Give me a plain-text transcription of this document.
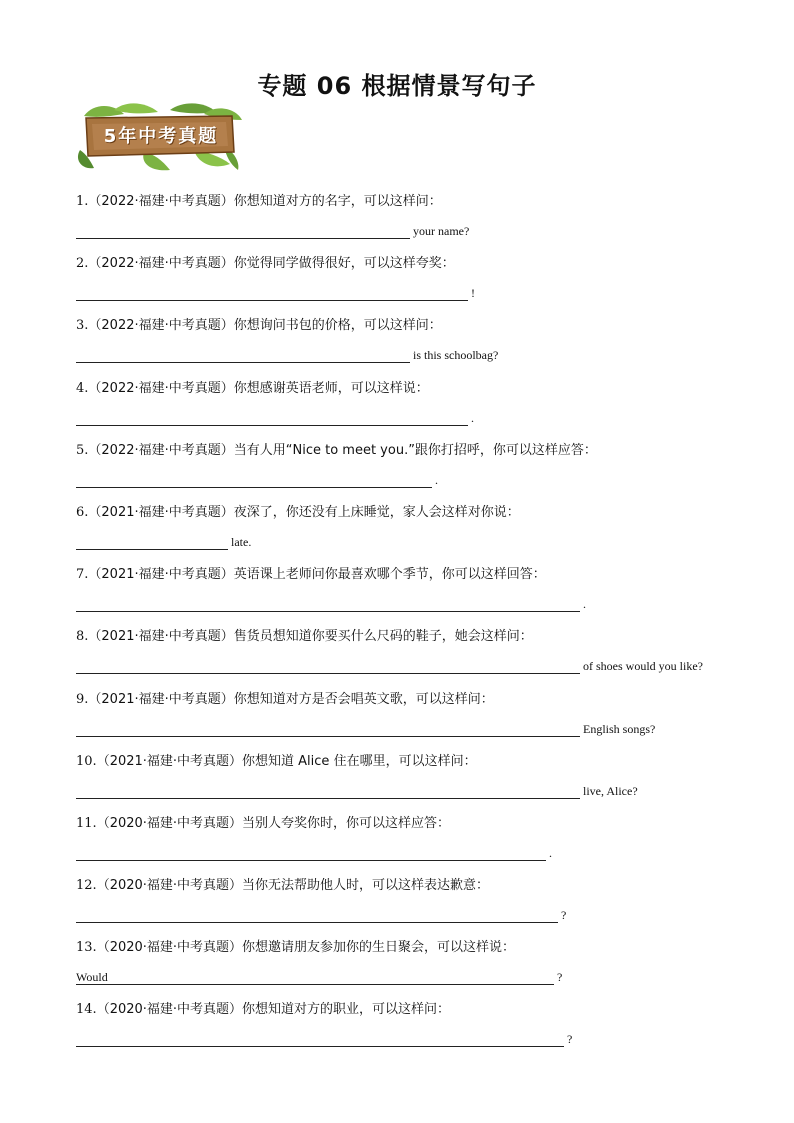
专题 06 根据情景写句子
5年中考真题
1.（2022·福建·中考真题）你想知道对方的名字，可以这样问：
your name?
2.（2022·福建·中考真题）你觉得同学做得很好，可以这样夸奖：
!
3.（2022·福建·中考真题）你想询问书包的价格，可以这样问：
is this schoolbag?
4.（2022·福建·中考真题）你想感谢英语老师，可以这样说：
.
5.（2022·福建·中考真题）当有人用“Nice to meet you.”跟你打招呼，你可以这样应答：
.
6.（2021·福建·中考真题）夜深了，你还没有上床睡觉，家人会这样对你说：
late.
7.（2021·福建·中考真题）英语课上老师问你最喜欢哪个季节，你可以这样回答：
.
8.（2021·福建·中考真题）售货员想知道你要买什么尺码的鞋子，她会这样问：
of shoes would you like?
9.（2021·福建·中考真题）你想知道对方是否会唱英文歌，可以这样问：
English songs?
10.（2021·福建·中考真题）你想知道 Alice 住在哪里，可以这样问：
live, Alice?
11.（2020·福建·中考真题）当别人夸奖你时，你可以这样应答：
.
12.（2020·福建·中考真题）当你无法帮助他人时，可以这样表达歉意：
?
13.（2020·福建·中考真题）你想邀请朋友参加你的生日聚会，可以这样说：
Would	?
14.（2020·福建·中考真题）你想知道对方的职业，可以这样问：
?
